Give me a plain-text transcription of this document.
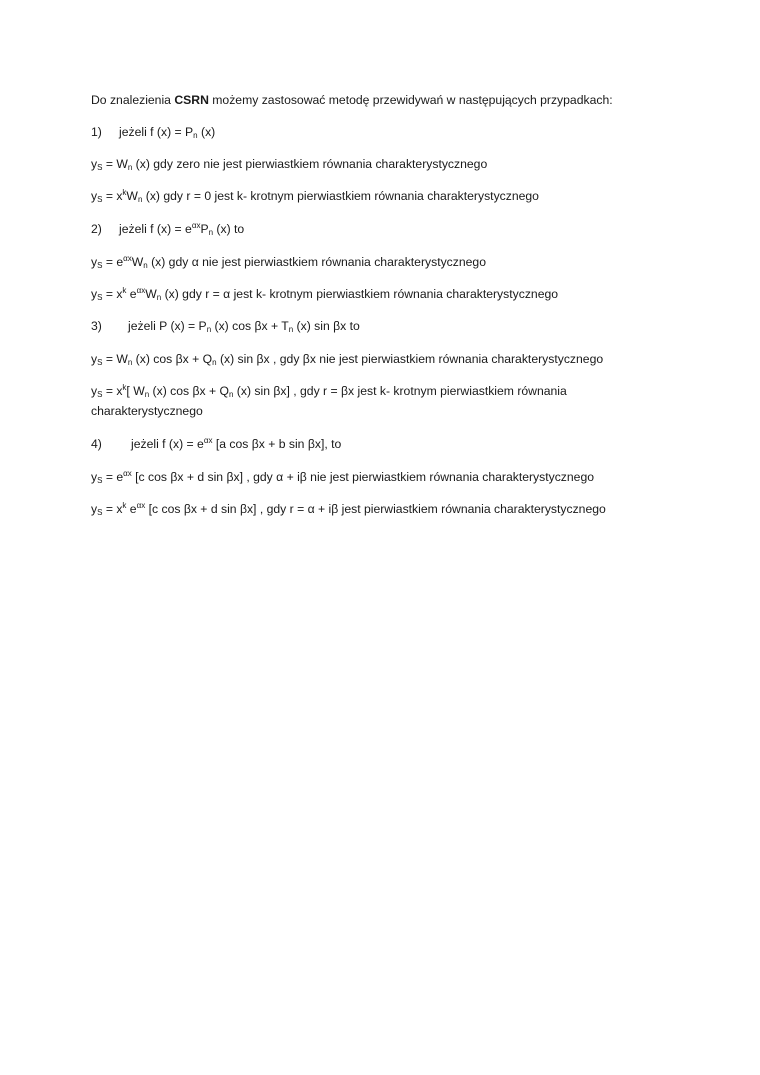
Do znalezienia CSRN możemy zastosować metodę przewidywań w następujących przypadkach:
1) jeżeli f $(x) = P_n$ (x)
$y_S = W_n$ (x) gdy zero nie jest pierwiastkiem równania charakterystycznego
$y_S = x^kW_n$ (x) gdy r = 0 jest k- krotnym pierwiastkiem równania charakterystycznego
2) jeżeli f $(x) = e^{\alpha x}P_n$ (x) to
$y_S = e^{\alpha x}W_n$ (x) gdy α nie jest pierwiastkiem równania charakterystycznego
$y_S = x^k$ $e^{\alpha x}W_n$ (x) gdy r = α jest k- krotnym pierwiastkiem równania charakterystycznego
3) jeżeli P $(x) = P_n$ (x) $\cos \beta x + T_n$ (x) sin βx to
$y_S = W_n$ (x) $\cos \beta x + Q_n$ (x) sin βx , gdy βx nie jest pierwiastkiem równania charakterystycznego
$y_S = x^k$[ $W_n$ (x) $\cos \beta x + Q_n$ (x) sin βx] , gdy r = βx jest k- krotnym pierwiastkiem równania
charakterystycznego
4) jeżeli f $(x) = e^{\alpha x}$ [a cos βx + b sin βx], to
$y_S = e^{\alpha x}$ [c cos βx + d sin βx] , gdy α + iβ nie jest pierwiastkiem równania charakterystycznego
$y_S = x^k$ $e^{\alpha x}$ [c cos βx + d sin βx] , gdy r = α + iβ jest pierwiastkiem równania charakterystycznego
